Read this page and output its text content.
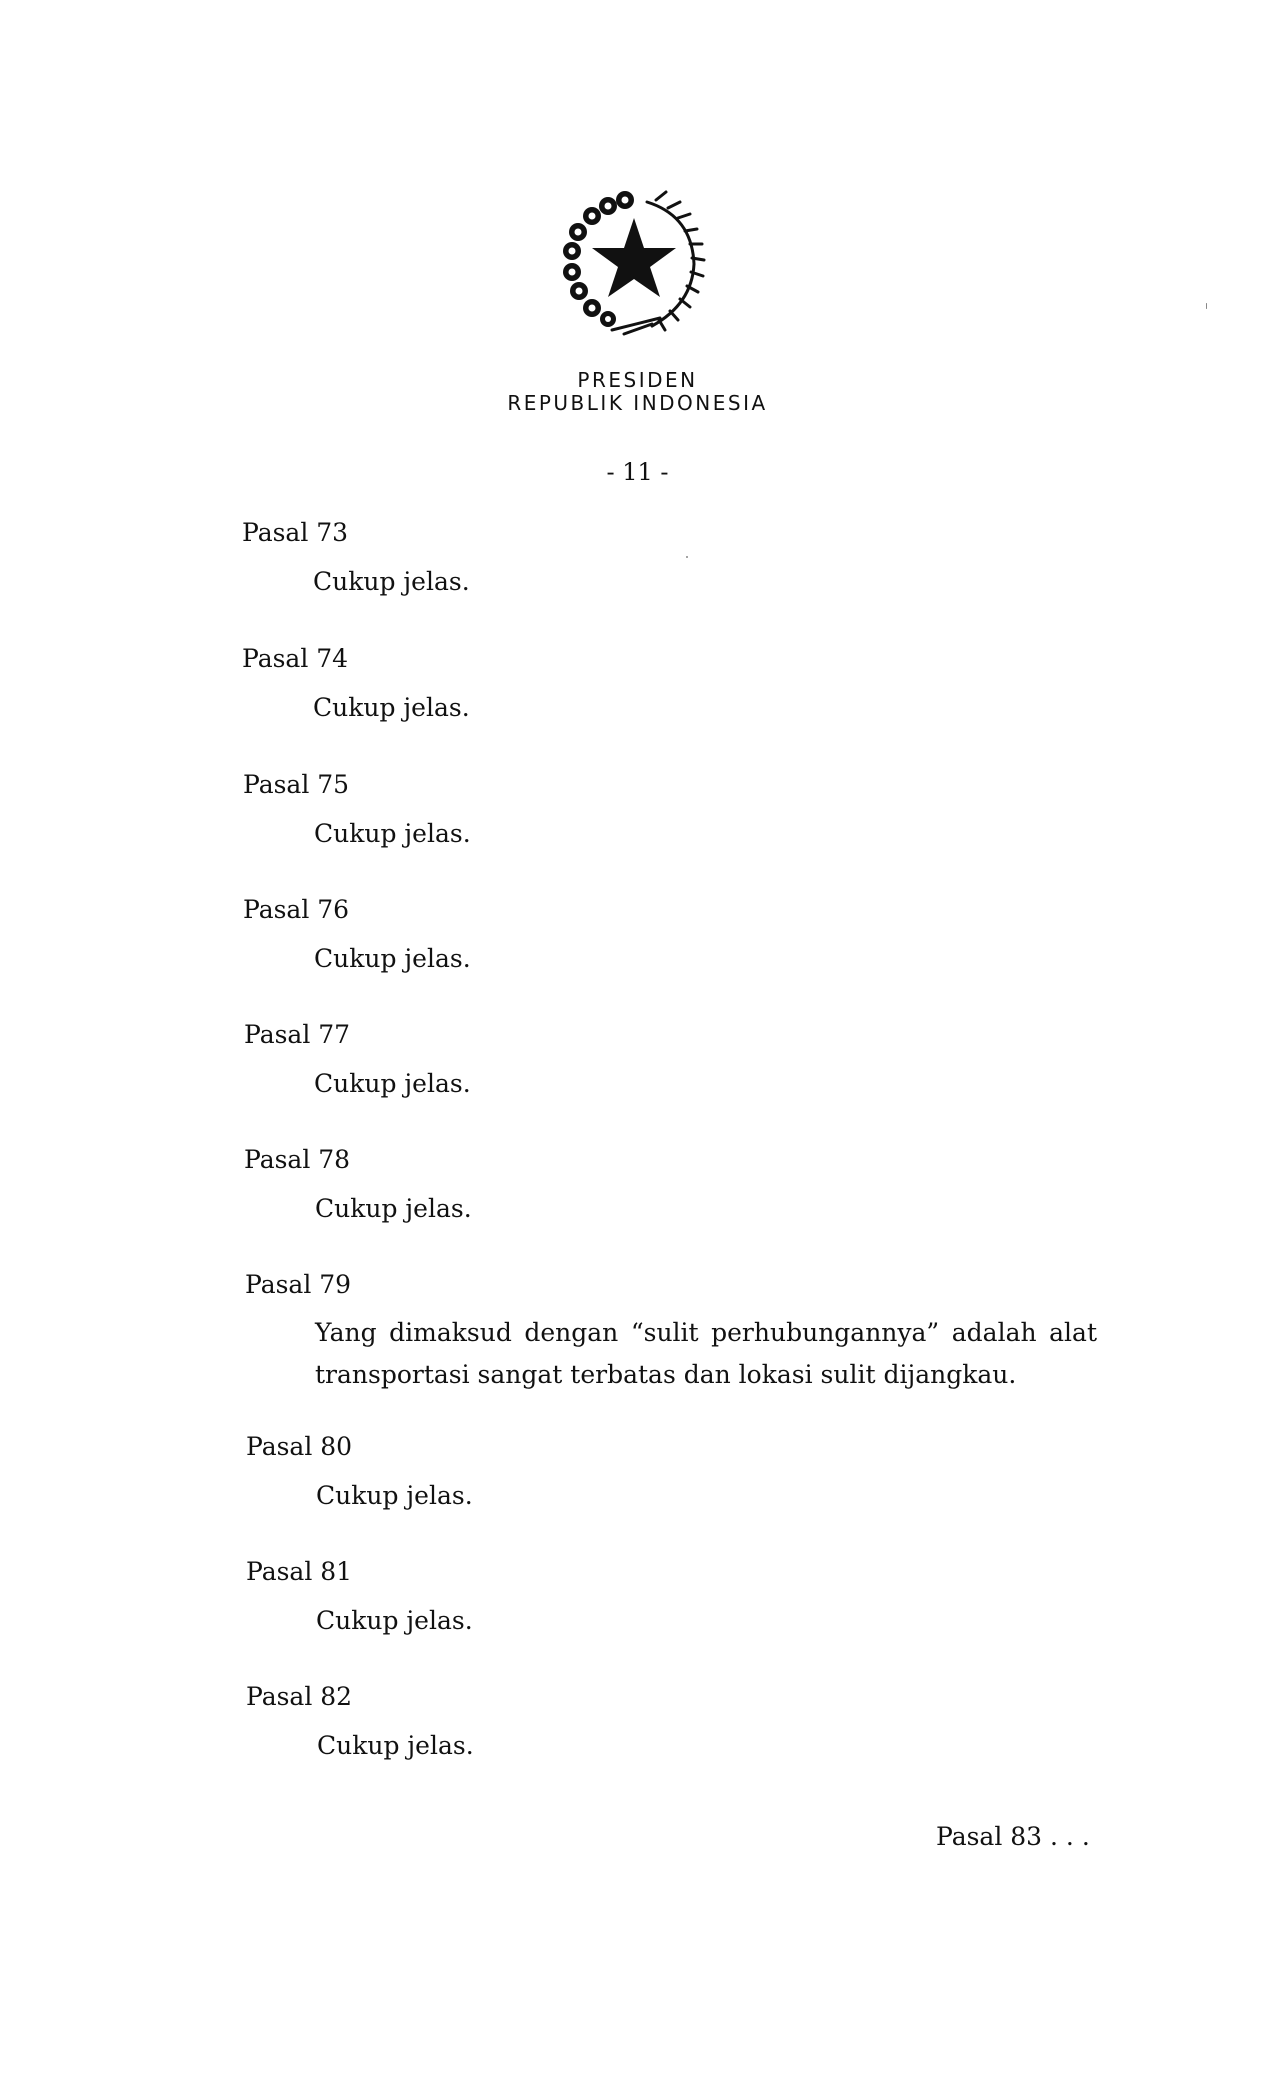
PRESIDEN
REPUBLIK INDONESIA
- 11 -
Pasal 73
Cukup jelas.
Pasal 74
Cukup jelas.
Pasal 75
Cukup jelas.
Pasal 76
Cukup jelas.
Pasal 77
Cukup jelas.
Pasal 78
Cukup jelas.
Pasal 79
Yang dimaksud dengan “sulit perhubungannya” adalah alat transportasi sangat terbatas dan lokasi sulit dijangkau.
Pasal 80
Cukup jelas.
Pasal 81
Cukup jelas.
Pasal 82
Cukup jelas.
Pasal 83 . . .
